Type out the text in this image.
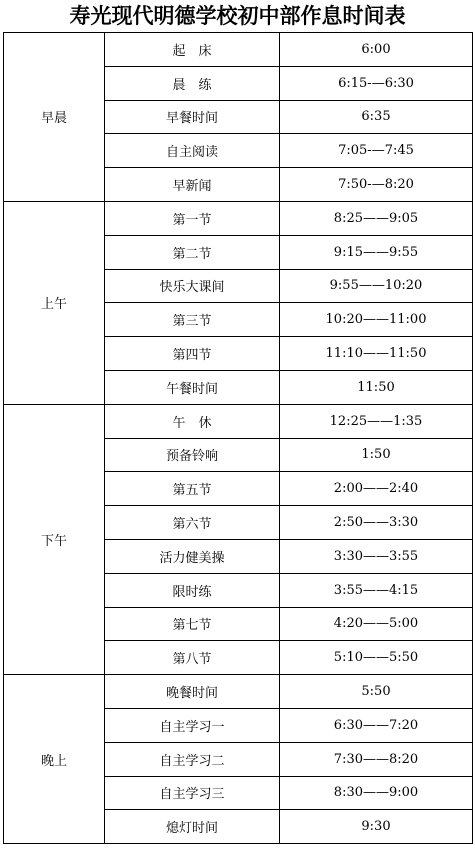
寿光现代明德学校初中部作息时间表
早晨	起　床	6:00
	晨　练	6:15-—6:30
	早餐时间	6:35
	自主阅读	7:05-—7:45
	早新闻	7:50-—8:20
上午	第一节	8:25——9:05
	第二节	9:15——9:55
	快乐大课间	9:55——10:20
	第三节	10:20——11:00
	第四节	11:10——11:50
	午餐时间	11:50
下午	午　休	12:25——1:35
	预备铃响	1:50
	第五节	2:00——2:40
	第六节	2:50——3:30
	活力健美操	3:30——3:55
	限时练	3:55——4:15
	第七节	4:20——5:00
	第八节	5:10——5:50
晚上	晚餐时间	5:50
	自主学习一	6:30——7:20
	自主学习二	7:30——8:20
	自主学习三	8:30——9:00
	熄灯时间	9:30
